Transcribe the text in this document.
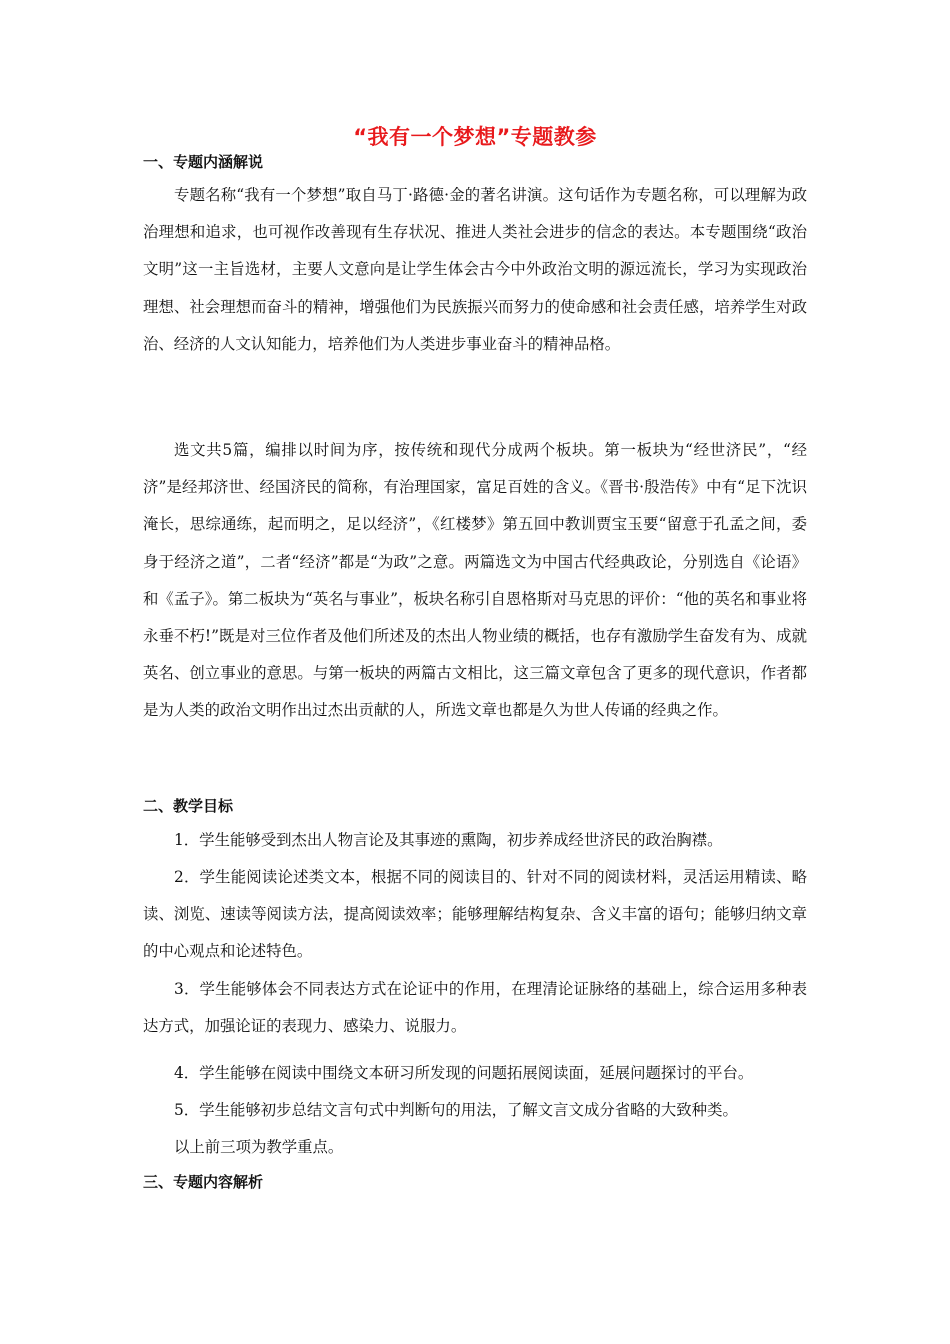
“我有一个梦想”专题教参
一、专题内涵解说

专题名称“我有一个梦想”取自马丁·路德·金的著名讲演。这句话作为专题名称，可以理解为政治理想和追求，也可视作改善现有生存状况、推进人类社会进步的信念的表达。本专题围绕“政治文明”这一主旨选材，主要人文意向是让学生体会古今中外政治文明的源远流长，学习为实现政治理想、社会理想而奋斗的精神，增强他们为民族振兴而努力的使命感和社会责任感，培养学生对政治、经济的人文认知能力，培养他们为人类进步事业奋斗的精神品格。

选文共5篇，编排以时间为序，按传统和现代分成两个板块。第一板块为“经世济民”，“经济”是经邦济世、经国济民的简称，有治理国家，富足百姓的含义。《晋书·殷浩传》中有“足下沈识淹长，思综通练，起而明之，足以经济”，《红楼梦》第五回中教训贾宝玉要“留意于孔孟之间，委身于经济之道”，二者“经济”都是“为政”之意。两篇选文为中国古代经典政论，分别选自《论语》和《孟子》。第二板块为“英名与事业”，板块名称引自恩格斯对马克思的评价：“他的英名和事业将永垂不朽!”既是对三位作者及他们所述及的杰出人物业绩的概括，也存有激励学生奋发有为、成就英名、创立事业的意思。与第一板块的两篇古文相比，这三篇文章包含了更多的现代意识，作者都是为人类的政治文明作出过杰出贡献的人，所选文章也都是久为世人传诵的经典之作。

二、教学目标

1．学生能够受到杰出人物言论及其事迹的熏陶，初步养成经世济民的政治胸襟。

2．学生能阅读论述类文本，根据不同的阅读目的、针对不同的阅读材料，灵活运用精读、略读、浏览、速读等阅读方法，提高阅读效率；能够理解结构复杂、含义丰富的语句；能够归纳文章的中心观点和论述特色。

3．学生能够体会不同表达方式在论证中的作用，在理清论证脉络的基础上，综合运用多种表达方式，加强论证的表现力、感染力、说服力。

4．学生能够在阅读中围绕文本研习所发现的问题拓展阅读面，延展问题探讨的平台。

5．学生能够初步总结文言句式中判断句的用法，了解文言文成分省略的大致种类。

以上前三项为教学重点。

三、专题内容解析
